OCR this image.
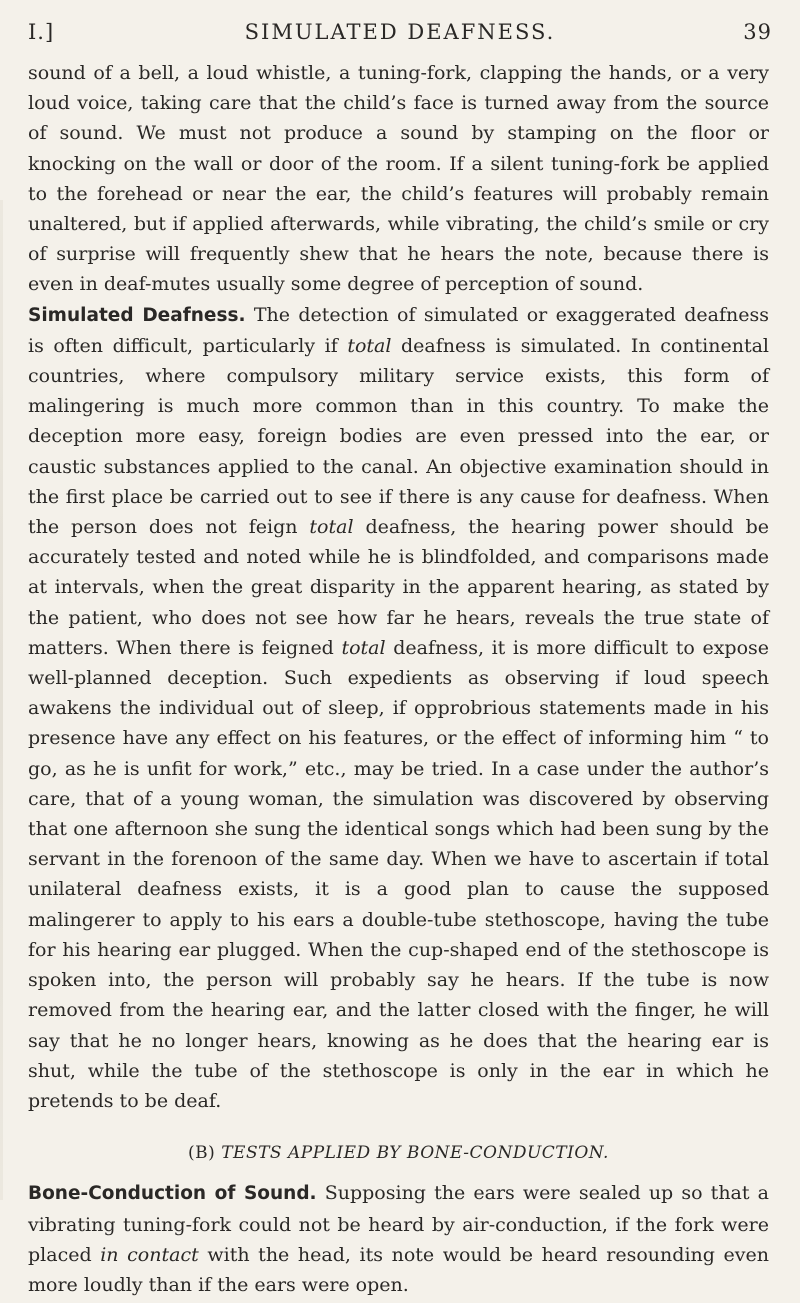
I.]	SIMULATED DEAFNESS.	39

sound of a bell, a loud whistle, a tuning-fork, clapping the hands, or a very loud voice, taking care that the child’s face is turned away from the source of sound. We must not produce a sound by stamping on the floor or knocking on the wall or door of the room. If a silent tuning-fork be applied to the forehead or near the ear, the child’s features will probably remain unaltered, but if applied afterwards, while vibrating, the child’s smile or cry of surprise will frequently shew that he hears the note, because there is even in deaf-mutes usually some degree of perception of sound.

Simulated Deafness. The detection of simulated or exaggerated deafness is often difficult, particularly if total deafness is simulated. In continental countries, where compulsory military service exists, this form of malingering is much more common than in this country. To make the deception more easy, foreign bodies are even pressed into the ear, or caustic substances applied to the canal. An objective examination should in the first place be carried out to see if there is any cause for deafness. When the person does not feign total deafness, the hearing power should be accurately tested and noted while he is blindfolded, and comparisons made at intervals, when the great disparity in the apparent hearing, as stated by the patient, who does not see how far he hears, reveals the true state of matters. When there is feigned total deafness, it is more difficult to expose well-planned deception. Such expedients as observing if loud speech awakens the individual out of sleep, if opprobrious statements made in his presence have any effect on his features, or the effect of informing him “ to go, as he is unfit for work,” etc., may be tried. In a case under the author’s care, that of a young woman, the simulation was discovered by observing that one afternoon she sung the identical songs which had been sung by the servant in the forenoon of the same day. When we have to ascertain if total unilateral deafness exists, it is a good plan to cause the supposed malingerer to apply to his ears a double-tube stethoscope, having the tube for his hearing ear plugged. When the cup-shaped end of the stethoscope is spoken into, the person will probably say he hears. If the tube is now removed from the hearing ear, and the latter closed with the finger, he will say that he no longer hears, knowing as he does that the hearing ear is shut, while the tube of the stethoscope is only in the ear in which he pretends to be deaf.

(B) TESTS APPLIED BY BONE-CONDUCTION.

Bone-Conduction of Sound. Supposing the ears were sealed up so that a vibrating tuning-fork could not be heard by air-conduction, if the fork were placed in contact with the head, its note would be heard resounding even more loudly than if the ears were open.
